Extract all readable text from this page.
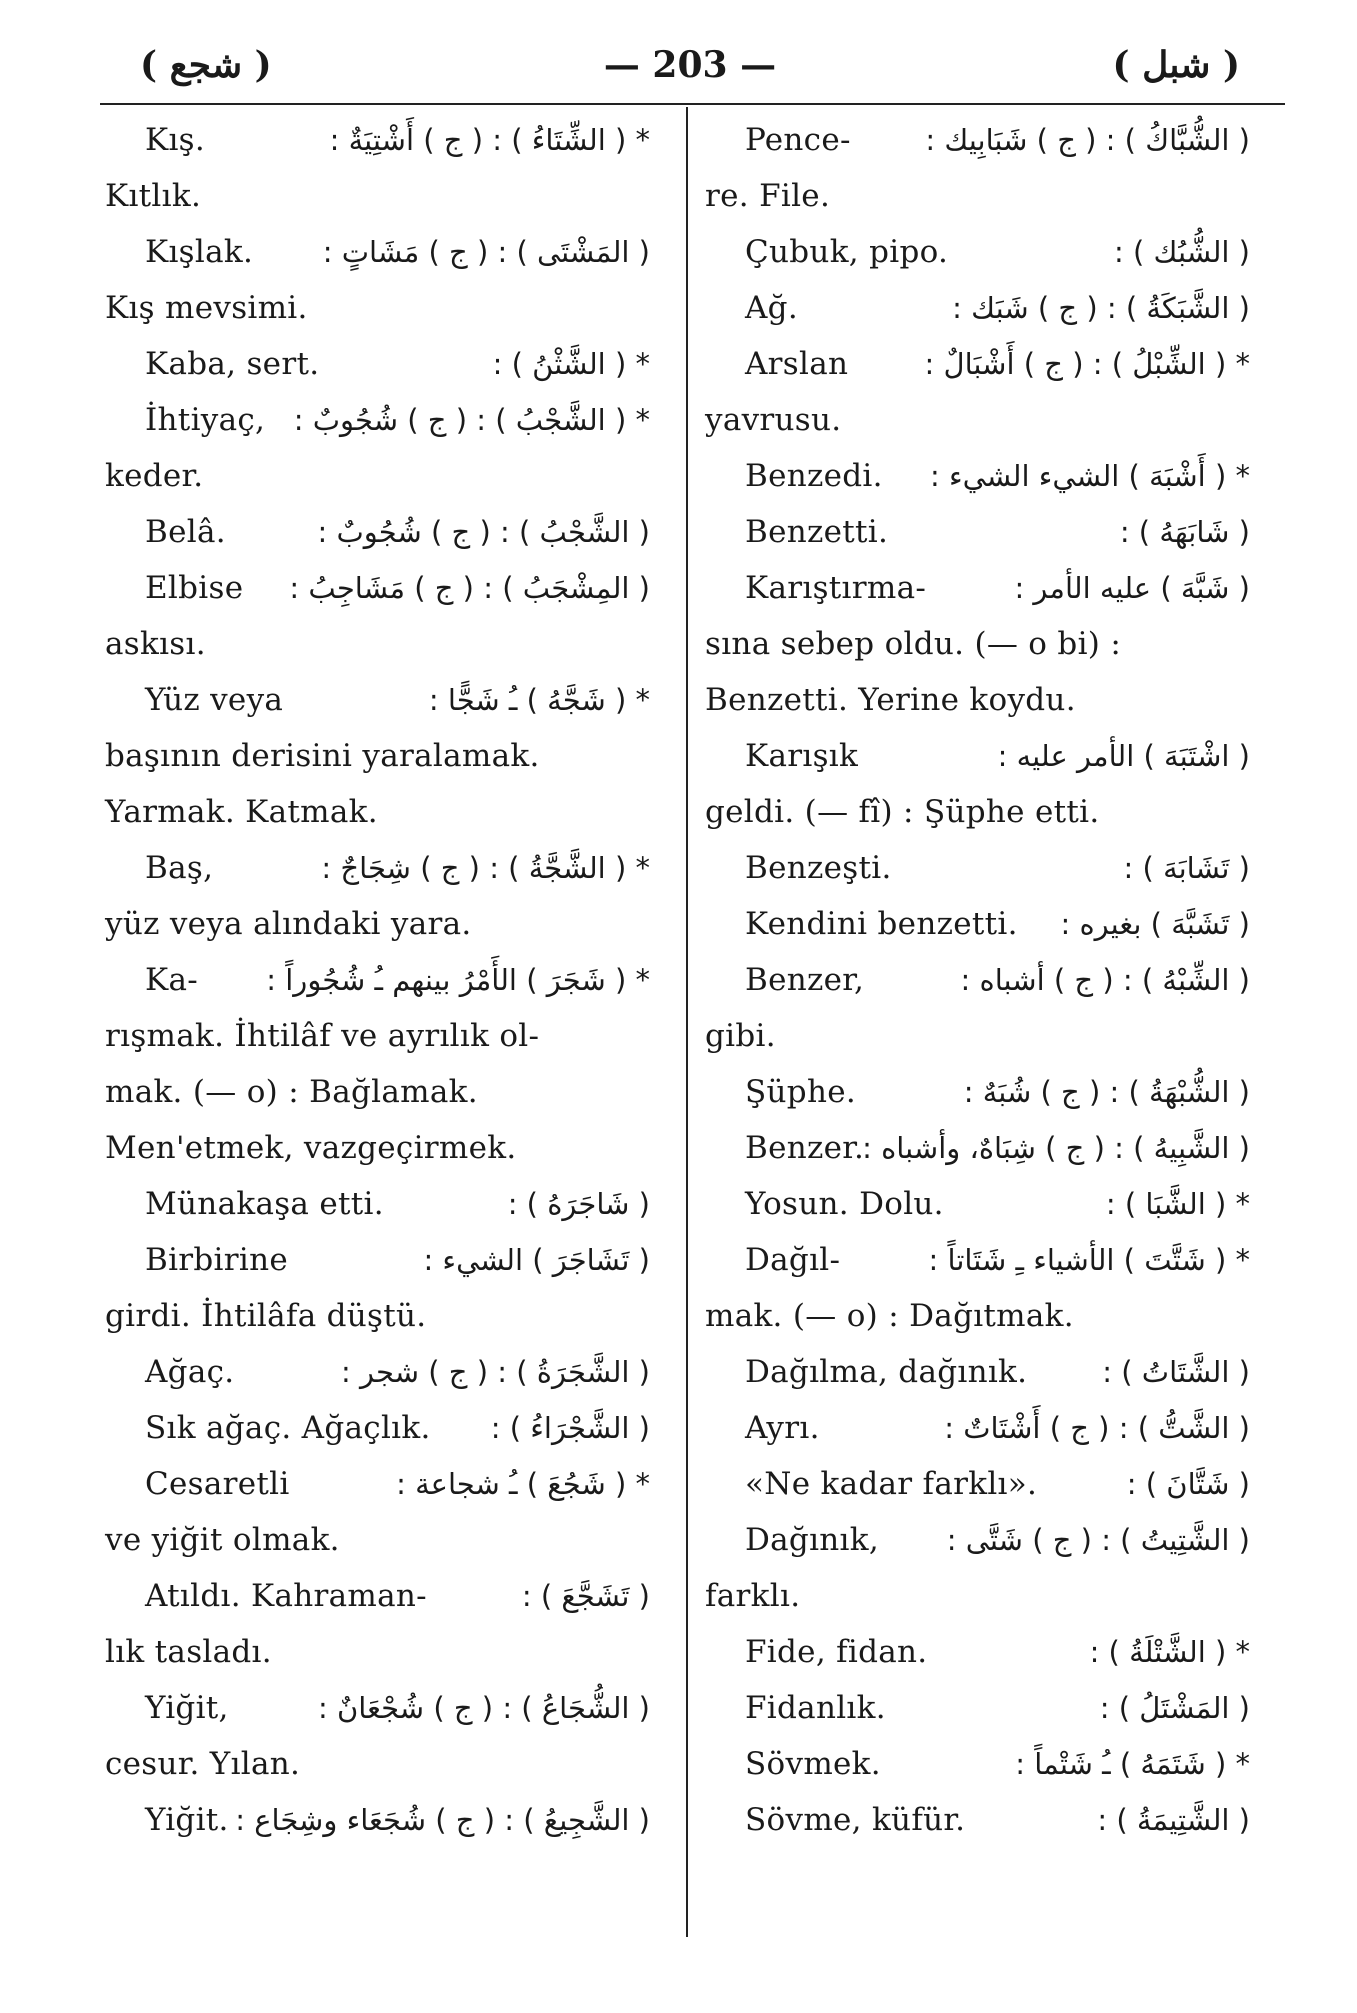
( شجع )	— 203 —	( شبل )
Kış.	* ( الشِّتَاءُ ) : ( ج ) أَشْتِيَةٌ :
Kıtlık.
Kışlak. ( المَشْتَى ) : ( ج ) مَشَاتٍ :
Kış mevsimi.
Kaba, sert.	* ( الشَّثْنُ ) :
İhtiyaç, * ( الشَّجْبُ ) : ( ج ) شُجُوبٌ :
keder.
Belâ.	( الشَّجْبُ ) : ( ج ) شُجُوبٌ :
Elbise ( المِشْجَبُ ) : ( ج ) مَشَاجِبُ :
askısı.
Yüz veya	* ( شَجَّهُ ) ـُ شَجًّا :
başının derisini yaralamak.
Yarmak. Katmak.
Baş,	* ( الشَّجَّةُ ) : ( ج ) شِجَاجٌ :
yüz veya alındaki yara.
Ka- * ( شَجَرَ ) الأَمْرُ بينهم ـُ شُجُوراً :
rışmak. İhtilâf ve ayrılık ol-
mak. (— o) : Bağlamak.
Men'etmek, vazgeçirmek.
Münakaşa etti.	( شَاجَرَهُ ) :
Birbirine	( تَشَاجَرَ ) الشيء :
girdi. İhtilâfa düştü.
Ağaç.	( الشَّجَرَةُ ) : ( ج ) شجر :
Sık ağaç. Ağaçlık. ( الشَّجْرَاءُ ) :
Cesaretli	* ( شَجُعَ ) ـُ شجاعة :
ve yiğit olmak.
Atıldı. Kahraman-	( تَشَجَّعَ ) :
lık tasladı.
Yiğit,	( الشُّجَاعُ ) : ( ج ) شُجْعَانٌ :
cesur. Yılan.
Yiğit. ( الشَّجِيعُ ) : ( ج ) شُجَعَاء وشِجَاع :
Pence-	( الشُّبَّاكُ ) : ( ج ) شَبَابِيك :
re. File.
Çubuk, pipo.	( الشُّبُك ) :
Ağ.	( الشَّبَكَةُ ) : ( ج ) شَبَك :
Arslan	* ( الشِّبْلُ ) : ( ج ) أَشْبَالٌ :
yavrusu.
Benzedi. * ( أَشْبَهَ ) الشيء الشيء :
Benzetti.	( شَابَهَهُ ) :
Karıştırma-	( شَبَّهَ ) عليه الأمر :
sına sebep oldu. (— o bi) :
Benzetti. Yerine koydu.
Karışık	( اشْتَبَهَ ) الأمر عليه :
geldi. (— fî) : Şüphe etti.
Benzeşti.	( تَشَابَهَ ) :
Kendini benzetti. ( تَشَبَّهَ ) بغيره :
Benzer,	( الشِّبْهُ ) : ( ج ) أشباه :
gibi.
Şüphe.	( الشُّبْهَةُ ) : ( ج ) شُبَهٌ :
Benzer.
( الشَّبِيهُ ) : ( ج ) شِبَاهٌ، وأشباه :
Yosun. Dolu.	* ( الشَّبَا ) :
Dağıl-	* ( شَتَّتَ ) الأشياء ـِ شَتَاتاً :
mak. (— o) : Dağıtmak.
Dağılma, dağınık.	( الشَّتَاتُ ) :
Ayrı.	( الشَّتُّ ) : ( ج ) أَشْتَاتٌ :
«Ne kadar farklı».	( شَتَّانَ ) :
Dağınık, ( الشَّتِيتُ ) : ( ج ) شَتَّى :
farklı.
Fide, fidan.	* ( الشَّتْلَةُ ) :
Fidanlık.	( المَشْتَلُ ) :
Sövmek.	* ( شَتَمَهُ ) ـُ شَتْماً :
Sövme, küfür.	( الشَّتِيمَةُ ) :
